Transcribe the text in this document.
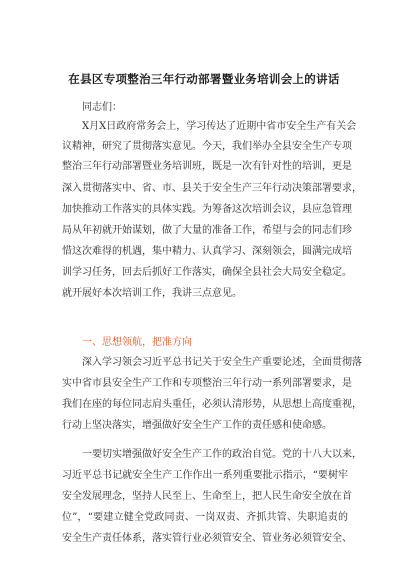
在县区专项整治三年行动部署暨业务培训会上的讲话
同志们：
X月X日政府常务会上，学习传达了近期中省市安全生产有关会
议精神，研究了贯彻落实意见。今天，我们举办全县安全生产专项
整治三年行动部署暨业务培训班，既是一次有针对性的培训，更是
深入贯彻落实中、省、市、县关于安全生产三年行动决策部署要求，
加快推动工作落实的具体实践。为筹备这次培训会议，县应急管理
局从年初就开始谋划，做了大量的准备工作，希望与会的同志们珍
惜这次难得的机遇，集中精力、认真学习、深刻领会，圆满完成培
训学习任务，回去后抓好工作落实，确保全县社会大局安全稳定。
就开展好本次培训工作，我讲三点意见。
一、思想领航，把准方向
深入学习领会习近平总书记关于安全生产重要论述，全面贯彻落
实中省市县安全生产工作和专项整治三年行动一系列部署要求，是
我们在座的每位同志肩头重任，必须认清形势，从思想上高度重视，
行动上坚决落实，增强做好安全生产工作的责任感和使命感。
一要切实增强做好安全生产工作的政治自觉。党的十八大以来，
习近平总书记就安全生产工作作出一系列重要批示指示，“要树牢
安全发展理念，坚持人民至上、生命至上，把人民生命安全放在首
位”，“要建立健全党政同责、一岗双责、齐抓共管、失职追责的
安全生产责任体系，落实管行业必须管安全、管业务必须管安全、
